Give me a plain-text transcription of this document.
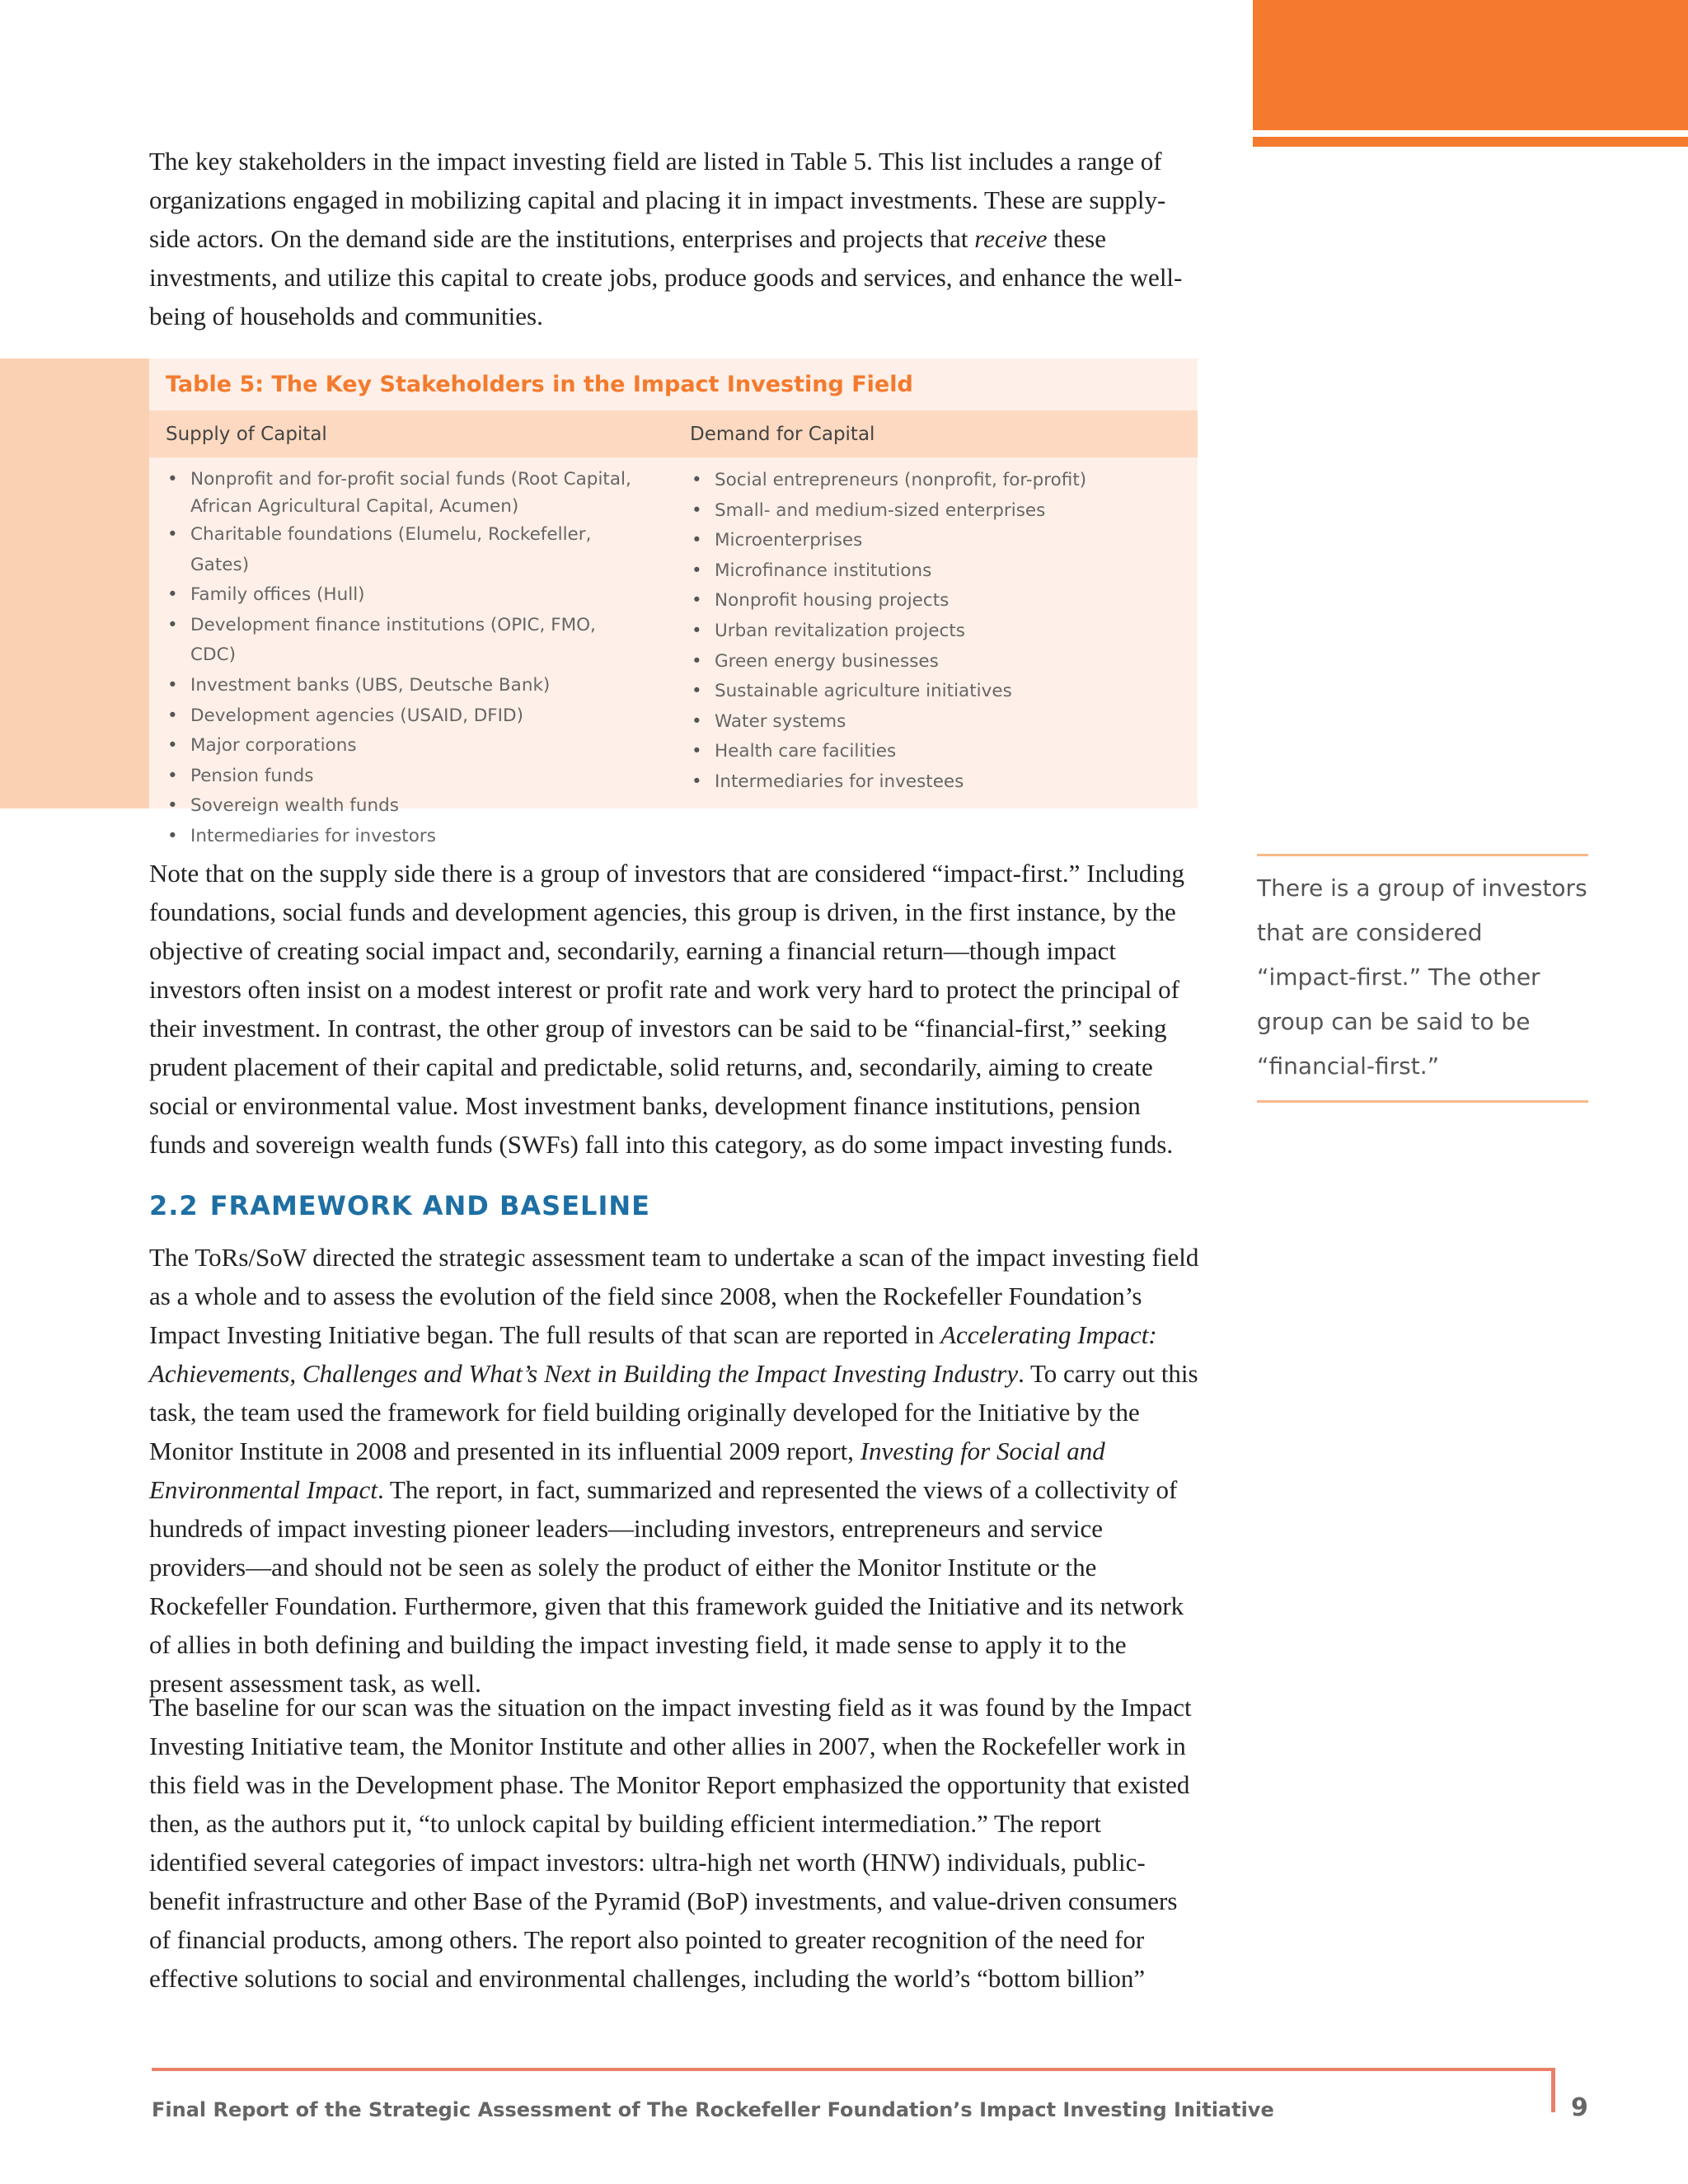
The key stakeholders in the impact investing field are listed in Table 5. This list includes a range of organizations engaged in mobilizing capital and placing it in impact investments. These are supply-side actors. On the demand side are the institutions, enterprises and projects that receive these investments, and utilize this capital to create jobs, produce goods and services, and enhance the well-being of households and communities.

Table 5: The Key Stakeholders in the Impact Investing Field
Supply of Capital	Demand for Capital
• Nonprofit and for-profit social funds (Root Capital, African Agricultural Capital, Acumen)
• Charitable foundations (Elumelu, Rockefeller, Gates)
• Family offices (Hull)
• Development finance institutions (OPIC, FMO, CDC)
• Investment banks (UBS, Deutsche Bank)
• Development agencies (USAID, DFID)
• Major corporations
• Pension funds
• Sovereign wealth funds
• Intermediaries for investors
• Social entrepreneurs (nonprofit, for-profit)
• Small- and medium-sized enterprises
• Microenterprises
• Microfinance institutions
• Nonprofit housing projects
• Urban revitalization projects
• Green energy businesses
• Sustainable agriculture initiatives
• Water systems
• Health care facilities
• Intermediaries for investees

Note that on the supply side there is a group of investors that are considered “impact-first.” Including foundations, social funds and development agencies, this group is driven, in the first instance, by the objective of creating social impact and, secondarily, earning a financial return—though impact investors often insist on a modest interest or profit rate and work very hard to protect the principal of their investment. In contrast, the other group of investors can be said to be “financial-first,” seeking prudent placement of their capital and predictable, solid returns, and, secondarily, aiming to create social or environmental value. Most investment banks, development finance institutions, pension funds and sovereign wealth funds (SWFs) fall into this category, as do some impact investing funds.

There is a group of investors that are considered “impact-first.” The other group can be said to be “financial-first.”

2.2 FRAMEWORK AND BASELINE

The ToRs/SoW directed the strategic assessment team to undertake a scan of the impact investing field as a whole and to assess the evolution of the field since 2008, when the Rockefeller Foundation’s Impact Investing Initiative began. The full results of that scan are reported in Accelerating Impact: Achievements, Challenges and What’s Next in Building the Impact Investing Industry. To carry out this task, the team used the framework for field building originally developed for the Initiative by the Monitor Institute in 2008 and presented in its influential 2009 report, Investing for Social and Environmental Impact. The report, in fact, summarized and represented the views of a collectivity of hundreds of impact investing pioneer leaders—including investors, entrepreneurs and service providers—and should not be seen as solely the product of either the Monitor Institute or the Rockefeller Foundation. Furthermore, given that this framework guided the Initiative and its network of allies in both defining and building the impact investing field, it made sense to apply it to the present assessment task, as well.

The baseline for our scan was the situation on the impact investing field as it was found by the Impact Investing Initiative team, the Monitor Institute and other allies in 2007, when the Rockefeller work in this field was in the Development phase. The Monitor Report emphasized the opportunity that existed then, as the authors put it, “to unlock capital by building efficient intermediation.” The report identified several categories of impact investors: ultra-high net worth (HNW) individuals, public-benefit infrastructure and other Base of the Pyramid (BoP) investments, and value-driven consumers of financial products, among others. The report also pointed to greater recognition of the need for effective solutions to social and environmental challenges, including the world’s “bottom billion”

Final Report of the Strategic Assessment of The Rockefeller Foundation’s Impact Investing Initiative	9
